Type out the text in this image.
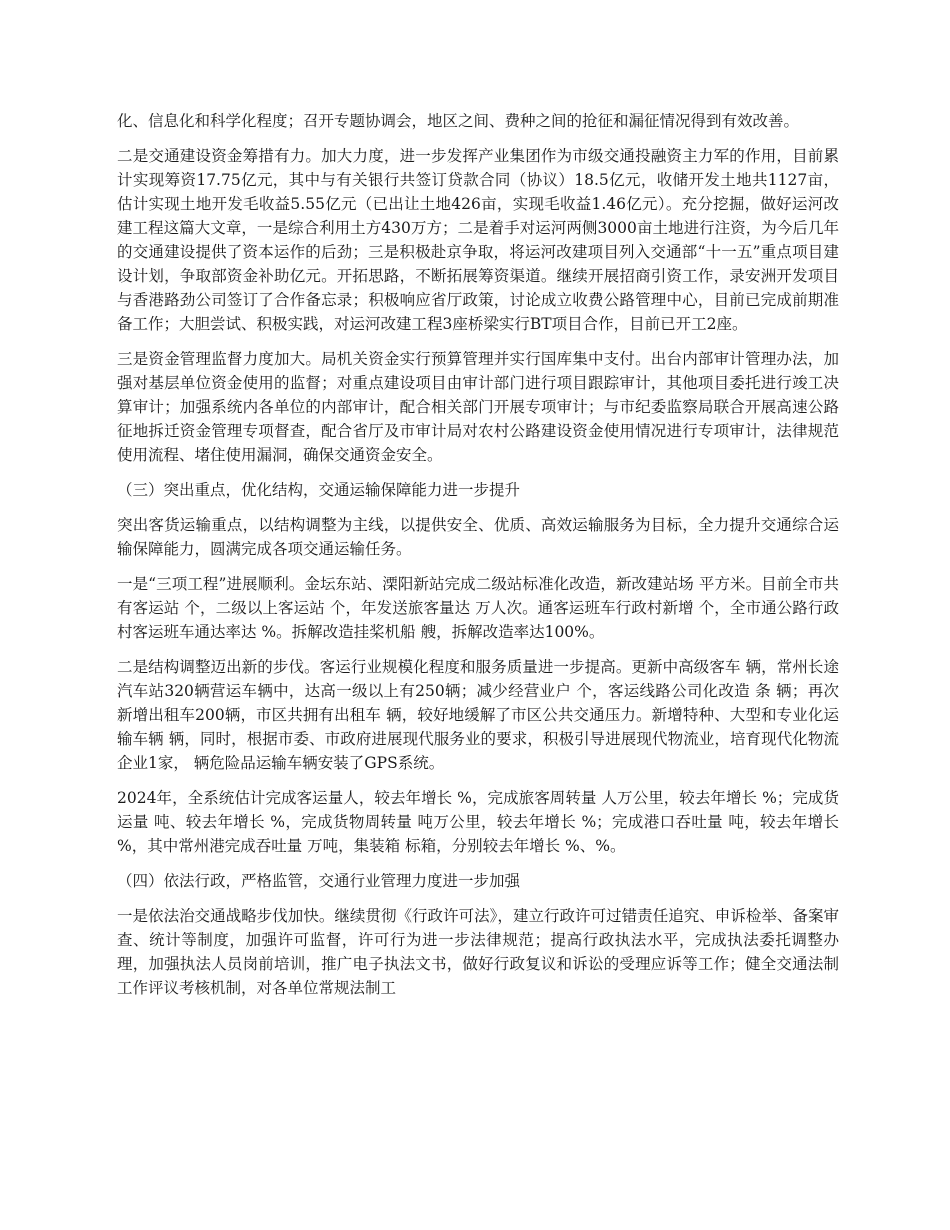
化、信息化和科学化程度；召开专题协调会，地区之间、费种之间的抢征和漏征情况得到有效改善。

二是交通建设资金筹措有力。加大力度，进一步发挥产业集团作为市级交通投融资主力军的作用，目前累计实现筹资17.75亿元，其中与有关银行共签订贷款合同（协议）18.5亿元，收储开发土地共1127亩，估计实现土地开发毛收益5.55亿元（已出让土地426亩，实现毛收益1.46亿元）。充分挖掘，做好运河改建工程这篇大文章，一是综合利用土方430万方；二是着手对运河两侧3000亩土地进行注资，为今后几年的交通建设提供了资本运作的后劲；三是积极赴京争取，将运河改建项目列入交通部“十一五”重点项目建设计划，争取部资金补助亿元。开拓思路，不断拓展筹资渠道。继续开展招商引资工作，录安洲开发项目与香港路劲公司签订了合作备忘录；积极响应省厅政策，讨论成立收费公路管理中心，目前已完成前期准备工作；大胆尝试、积极实践，对运河改建工程3座桥梁实行BT项目合作，目前已开工2座。

三是资金管理监督力度加大。局机关资金实行预算管理并实行国库集中支付。出台内部审计管理办法，加强对基层单位资金使用的监督；对重点建设项目由审计部门进行项目跟踪审计，其他项目委托进行竣工决算审计；加强系统内各单位的内部审计，配合相关部门开展专项审计；与市纪委监察局联合开展高速公路征地拆迁资金管理专项督查，配合省厅及市审计局对农村公路建设资金使用情况进行专项审计，法律规范使用流程、堵住使用漏洞，确保交通资金安全。

（三）突出重点，优化结构，交通运输保障能力进一步提升

突出客货运输重点，以结构调整为主线，以提供安全、优质、高效运输服务为目标，全力提升交通综合运输保障能力，圆满完成各项交通运输任务。

一是“三项工程”进展顺利。金坛东站、溧阳新站完成二级站标准化改造，新改建站场 平方米。目前全市共有客运站 个，二级以上客运站 个，年发送旅客量达 万人次。通客运班车行政村新增 个，全市通公路行政村客运班车通达率达 %。拆解改造挂桨机船 艘，拆解改造率达100%。

二是结构调整迈出新的步伐。客运行业规模化程度和服务质量进一步提高。更新中高级客车 辆，常州长途汽车站320辆营运车辆中，达高一级以上有250辆；减少经营业户 个，客运线路公司化改造 条 辆；再次新增出租车200辆，市区共拥有出租车 辆，较好地缓解了市区公共交通压力。新增特种、大型和专业化运输车辆 辆，同时，根据市委、市政府进展现代服务业的要求，积极引导进展现代物流业，培育现代化物流企业1家， 辆危险品运输车辆安装了GPS系统。

2024年，全系统估计完成客运量人，较去年增长 %，完成旅客周转量 人万公里，较去年增长 %；完成货运量 吨、较去年增长 %，完成货物周转量 吨万公里，较去年增长 %；完成港口吞吐量 吨，较去年增长 %，其中常州港完成吞吐量 万吨，集装箱 标箱，分别较去年增长 %、%。

（四）依法行政，严格监管，交通行业管理力度进一步加强

一是依法治交通战略步伐加快。继续贯彻《行政许可法》，建立行政许可过错责任追究、申诉检举、备案审查、统计等制度，加强许可监督，许可行为进一步法律规范；提高行政执法水平，完成执法委托调整办理，加强执法人员岗前培训，推广电子执法文书，做好行政复议和诉讼的受理应诉等工作；健全交通法制工作评议考核机制，对各单位常规法制工
